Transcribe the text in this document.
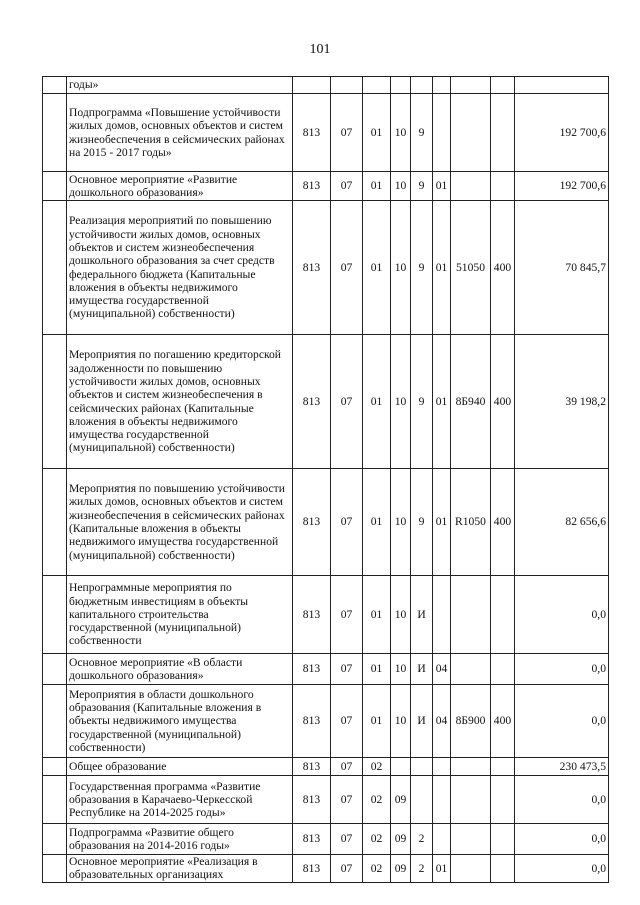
101
	годы»									
	Подпрограмма «Повышение устойчивости жилых домов, основных объектов и систем жизнеобеспечения в сейсмических районах на 2015 - 2017 годы»	813	07	01	10	9				192 700,6
	Основное мероприятие «Развитие дошкольного образования»	813	07	01	10	9	01			192 700,6
	Реализация мероприятий по повышению устойчивости жилых домов, основных объектов и систем жизнеобеспечения дошкольного образования за счет средств федерального бюджета (Капитальные вложения в объекты недвижимого имущества государственной (муниципальной) собственности)	813	07	01	10	9	01	51050	400	70 845,7
	Мероприятия по погашению кредиторской задолженности по повышению устойчивости жилых домов, основных объектов и систем жизнеобеспечения в сейсмических районах (Капитальные вложения в объекты недвижимого имущества государственной (муниципальной) собственности)	813	07	01	10	9	01	8Б940	400	39 198,2
	Мероприятия по повышению устойчивости жилых домов, основных объектов и систем жизнеобеспечения в сейсмических районах (Капитальные вложения в объекты недвижимого имущества государственной (муниципальной) собственности)	813	07	01	10	9	01	R1050	400	82 656,6
	Непрограммные мероприятия по бюджетным инвестициям в объекты капитального строительства государственной (муниципальной) собственности	813	07	01	10	И				0,0
	Основное мероприятие «В области дошкольного образования»	813	07	01	10	И	04			0,0
	Мероприятия в области дошкольного образования (Капитальные вложения в объекты недвижимого имущества государственной (муниципальной) собственности)	813	07	01	10	И	04	8Б900	400	0,0
	Общее образование	813	07	02						230 473,5
	Государственная программа «Развитие образования в Карачаево-Черкесской Республике на 2014-2025 годы»	813	07	02	09					0,0
	Подпрограмма «Развитие общего образования на 2014-2016 годы»	813	07	02	09	2				0,0
	Основное мероприятие «Реализация в образовательных организациях	813	07	02	09	2	01			0,0
